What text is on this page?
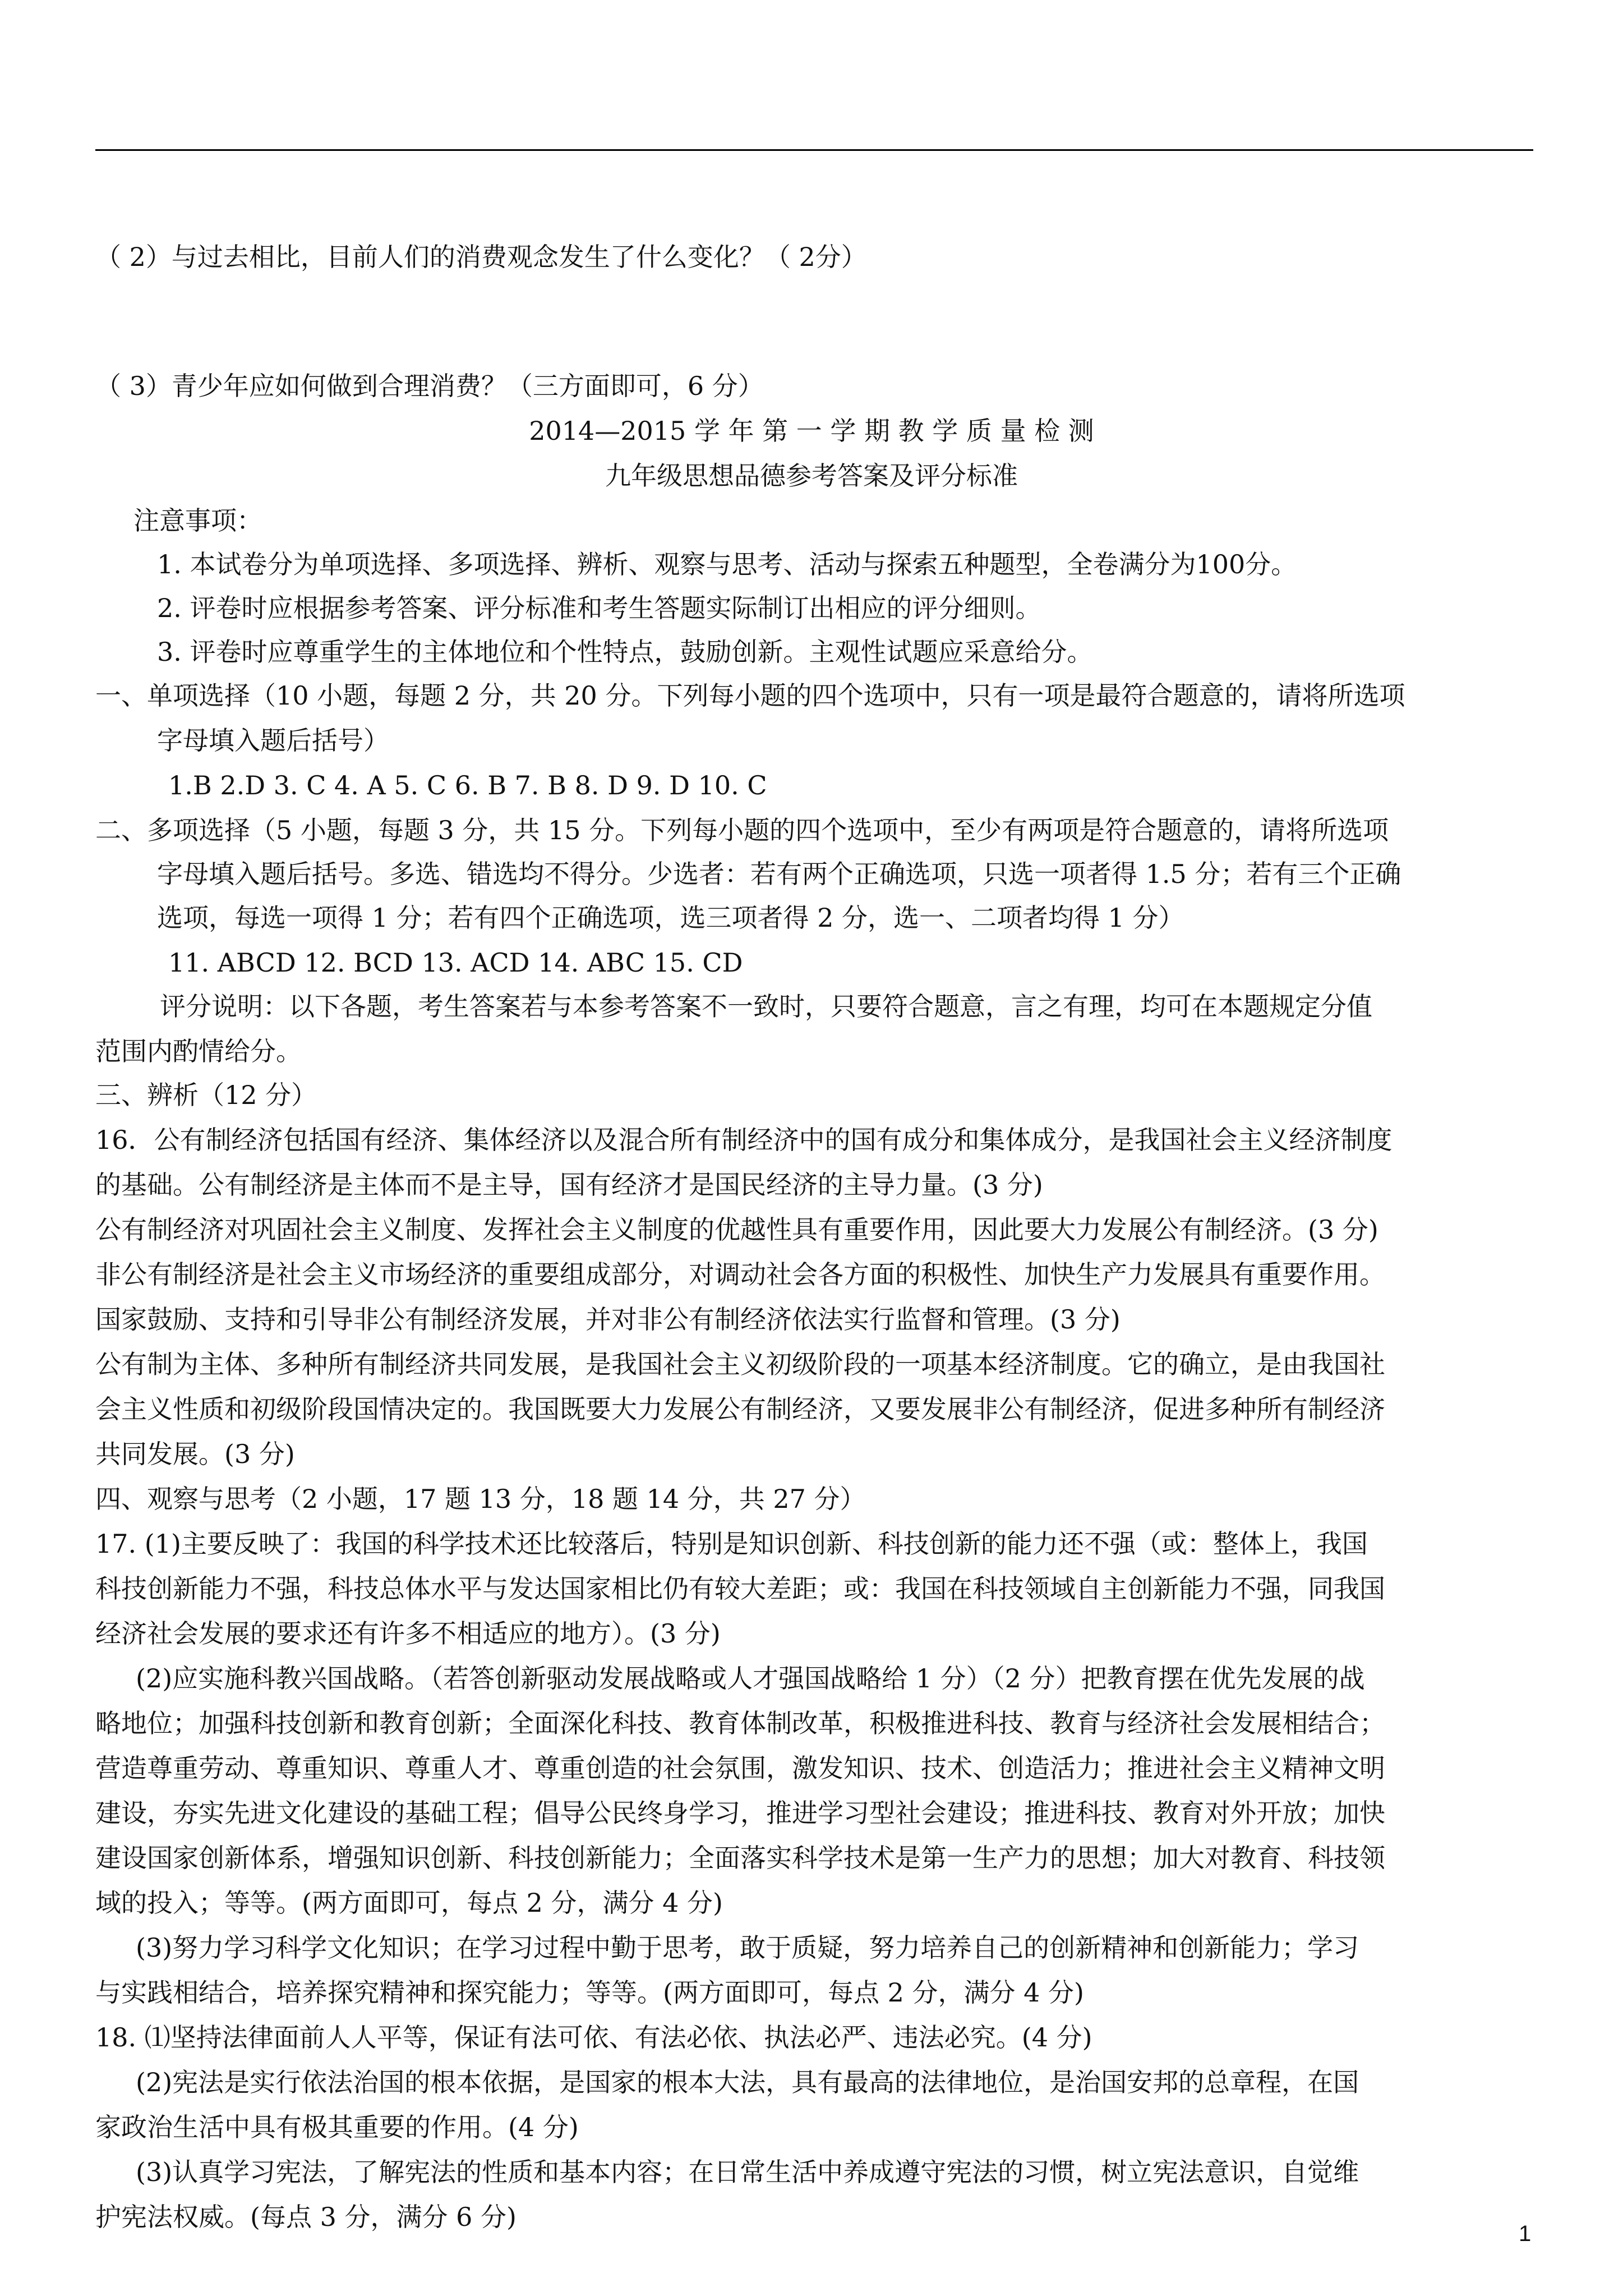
（ 2）与过去相比，目前人们的消费观念发生了什么变化？（ 2分）
（ 3）青少年应如何做到合理消费？（三方面即可，6 分）
2014—2015 学 年 第 一 学 期 教 学 质 量 检 测
九年级思想品德参考答案及评分标准
注意事项：
1. 本试卷分为单项选择、多项选择、辨析、观察与思考、活动与探索五种题型，全卷满分为100分。
2. 评卷时应根据参考答案、评分标准和考生答题实际制订出相应的评分细则。
3. 评卷时应尊重学生的主体地位和个性特点，鼓励创新。主观性试题应采意给分。
一、单项选择（10 小题，每题 2 分，共 20 分。下列每小题的四个选项中，只有一项是最符合题意的，请将所选项
字母填入题后括号）
1.B 2.D 3. C 4. A 5. C 6. B 7. B 8. D 9. D 10. C
二、多项选择（5 小题，每题 3 分，共 15 分。下列每小题的四个选项中，至少有两项是符合题意的，请将所选项
字母填入题后括号。多选、错选均不得分。少选者：若有两个正确选项，只选一项者得 1.5 分；若有三个正确
选项，每选一项得 1 分；若有四个正确选项，选三项者得 2 分，选一、二项者均得 1 分）
11. ABCD 12. BCD 13. ACD 14. ABC 15. CD
评分说明：以下各题，考生答案若与本参考答案不一致时，只要符合题意，言之有理，均可在本题规定分值
范围内酌情给分。
三、辨析（12 分）
16．公有制经济包括国有经济、集体经济以及混合所有制经济中的国有成分和集体成分，是我国社会主义经济制度
的基础。公有制经济是主体而不是主导，国有经济才是国民经济的主导力量。(3 分)
公有制经济对巩固社会主义制度、发挥社会主义制度的优越性具有重要作用，因此要大力发展公有制经济。(3 分)
非公有制经济是社会主义市场经济的重要组成部分，对调动社会各方面的积极性、加快生产力发展具有重要作用。
国家鼓励、支持和引导非公有制经济发展，并对非公有制经济依法实行监督和管理。(3 分)
公有制为主体、多种所有制经济共同发展，是我国社会主义初级阶段的一项基本经济制度。它的确立，是由我国社
会主义性质和初级阶段国情决定的。我国既要大力发展公有制经济，又要发展非公有制经济，促进多种所有制经济
共同发展。(3 分)
四、观察与思考（2 小题，17 题 13 分，18 题 14 分，共 27 分）
17. (1)主要反映了：我国的科学技术还比较落后，特别是知识创新、科技创新的能力还不强（或：整体上，我国
科技创新能力不强，科技总体水平与发达国家相比仍有较大差距；或：我国在科技领域自主创新能力不强，同我国
经济社会发展的要求还有许多不相适应的地方）。(3 分)
(2)应实施科教兴国战略。（若答创新驱动发展战略或人才强国战略给 1 分）（2 分）把教育摆在优先发展的战
略地位；加强科技创新和教育创新；全面深化科技、教育体制改革，积极推进科技、教育与经济社会发展相结合；
营造尊重劳动、尊重知识、尊重人才、尊重创造的社会氛围，激发知识、技术、创造活力；推进社会主义精神文明
建设，夯实先进文化建设的基础工程；倡导公民终身学习，推进学习型社会建设；推进科技、教育对外开放；加快
建设国家创新体系，增强知识创新、科技创新能力；全面落实科学技术是第一生产力的思想；加大对教育、科技领
域的投入；等等。(两方面即可，每点 2 分，满分 4 分)
(3)努力学习科学文化知识；在学习过程中勤于思考，敢于质疑，努力培养自己的创新精神和创新能力；学习
与实践相结合，培养探究精神和探究能力；等等。(两方面即可，每点 2 分，满分 4 分)
18. ⑴坚持法律面前人人平等，保证有法可依、有法必依、执法必严、违法必究。(4 分)
(2)宪法是实行依法治国的根本依据，是国家的根本大法，具有最高的法律地位，是治国安邦的总章程，在国
家政治生活中具有极其重要的作用。(4 分)
(3)认真学习宪法，了解宪法的性质和基本内容；在日常生活中养成遵守宪法的习惯，树立宪法意识，自觉维
护宪法权威。(每点 3 分，满分 6 分)
1
